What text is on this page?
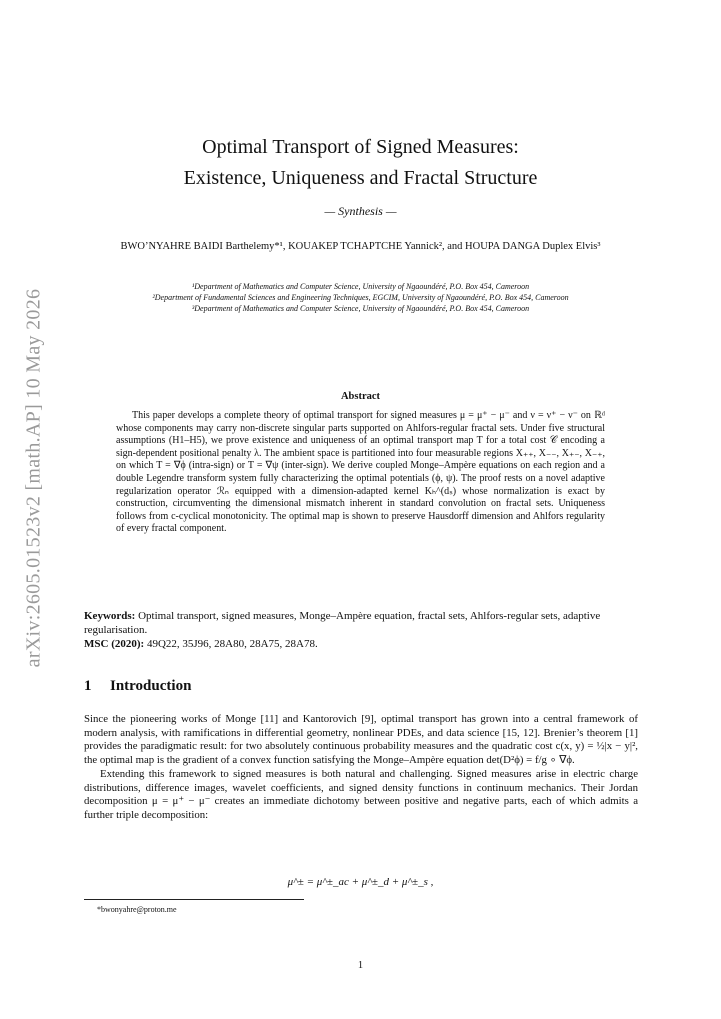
arXiv:2605.01523v2 [math.AP] 10 May 2026
Optimal Transport of Signed Measures:
Existence, Uniqueness and Fractal Structure
— Synthesis —
BWO’NYAHRE BAIDI Barthelemy*¹, KOUAKEP TCHAPTCHE Yannick², and HOUPA DANGA Duplex Elvis³
¹Department of Mathematics and Computer Science, University of Ngaoundéré, P.O. Box 454, Cameroon
²Department of Fundamental Sciences and Engineering Techniques, EGCIM, University of Ngaoundéré, P.O. Box 454, Cameroon
³Department of Mathematics and Computer Science, University of Ngaoundéré, P.O. Box 454, Cameroon
Abstract
This paper develops a complete theory of optimal transport for signed measures μ = μ⁺ − μ⁻ and ν = ν⁺ − ν⁻ on ℝᵈ whose components may carry non-discrete singular parts supported on Ahlfors-regular fractal sets. Under five structural assumptions (H1–H5), we prove existence and uniqueness of an optimal transport map T for a total cost 𝒞 encoding a sign-dependent positional penalty λ. The ambient space is partitioned into four measurable regions X₊₊, X₋₋, X₊₋, X₋₊, on which T = ∇ϕ (intra-sign) or T = ∇ψ (inter-sign). We derive coupled Monge–Ampère equations on each region and a double Legendre transform system fully characterizing the optimal potentials (ϕ, ψ). The proof rests on a novel adaptive regularization operator ℛₙ equipped with a dimension-adapted kernel Kₕ^(dₛ) whose normalization is exact by construction, circumventing the dimensional mismatch inherent in standard convolution on fractal sets. Uniqueness follows from c-cyclical monotonicity. The optimal map is shown to preserve Hausdorff dimension and Ahlfors regularity of every fractal component.
Keywords: Optimal transport, signed measures, Monge–Ampère equation, fractal sets, Ahlfors-regular sets, adaptive regularisation.
MSC (2020): 49Q22, 35J96, 28A80, 28A75, 28A78.
1 Introduction

Since the pioneering works of Monge [11] and Kantorovich [9], optimal transport has grown into a central framework of modern analysis, with ramifications in differential geometry, nonlinear PDEs, and data science [15, 12]. Brenier’s theorem [1] provides the paradigmatic result: for two absolutely continuous probability measures and the quadratic cost c(x, y) = ½|x − y|², the optimal map is the gradient of a convex function satisfying the Monge–Ampère equation det(D²ϕ) = f/g ∘ ∇ϕ.

Extending this framework to signed measures is both natural and challenging. Signed measures arise in electric charge distributions, difference images, wavelet coefficients, and signed density functions in continuum mechanics. Their Jordan decomposition μ = μ⁺ − μ⁻ creates an immediate dichotomy between positive and negative parts, each of which admits a further triple decomposition:

μ^± = μ^±_ac + μ^±_d + μ^±_s ,
*bwonyahre@proton.me
1
